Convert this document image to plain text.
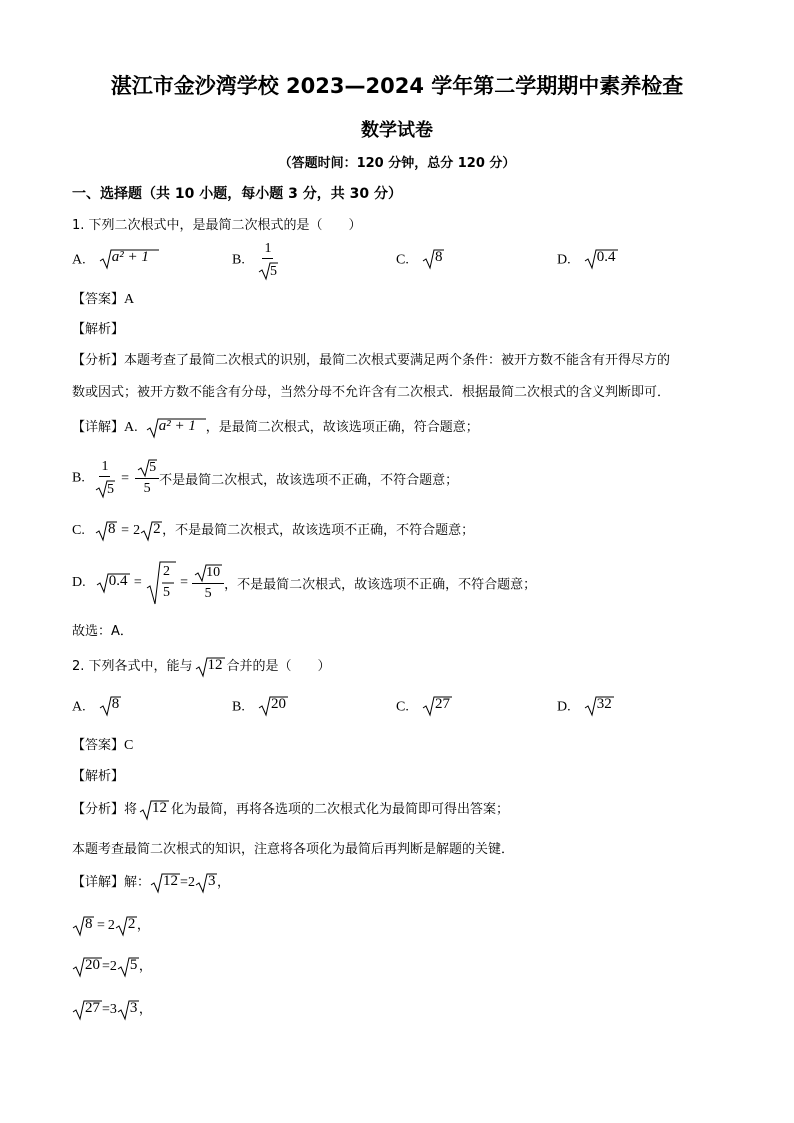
湛江市金沙湾学校 2023—2024 学年第二学期期中素养检查
数学试卷
（答题时间：120 分钟，总分 120 分）
一、选择题（共 10 小题，每小题 3 分，共 30 分）
1. 下列二次根式中，是最简二次根式的是（　　）
A. a² + 1	B. $\frac{1}{5}$	C. 8	D. 0.4
【答案】A
【解析】
【分析】本题考查了最简二次根式的识别，最简二次根式要满足两个条件：被开方数不能含有开得尽方的
数或因式；被开方数不能含有分母，当然分母不允许含有二次根式．根据最简二次根式的含义判断即可．
【详解】A. a² + 1 ，是最简二次根式，故该选项正确，符合题意；
B. $\frac{1}{5} = \frac{5}{5}$ 不是最简二次根式，故该选项不正确，不符合题意；
C. 8 = 2 2 ，不是最简二次根式，故该选项不正确，不符合题意；
D. 0.4 =
2
5
= $\frac{10}{5}$ ，不是最简二次根式，故该选项不正确，不符合题意；
故选：A．
2. 下列各式中，能与 12 合并的是（　　）
A. 8	B. 20	C. 27	D. 32
【答案】C
【解析】
【分析】将 12 化为最简，再将各选项的二次根式化为最简即可得出答案；
本题考查最简二次根式的知识，注意将各项化为最简后再判断是解题的关键．
【详解】解： 12 =2 3 ，
8 = 2 2 ，
20 =2 5 ，
27 =3 3 ，
